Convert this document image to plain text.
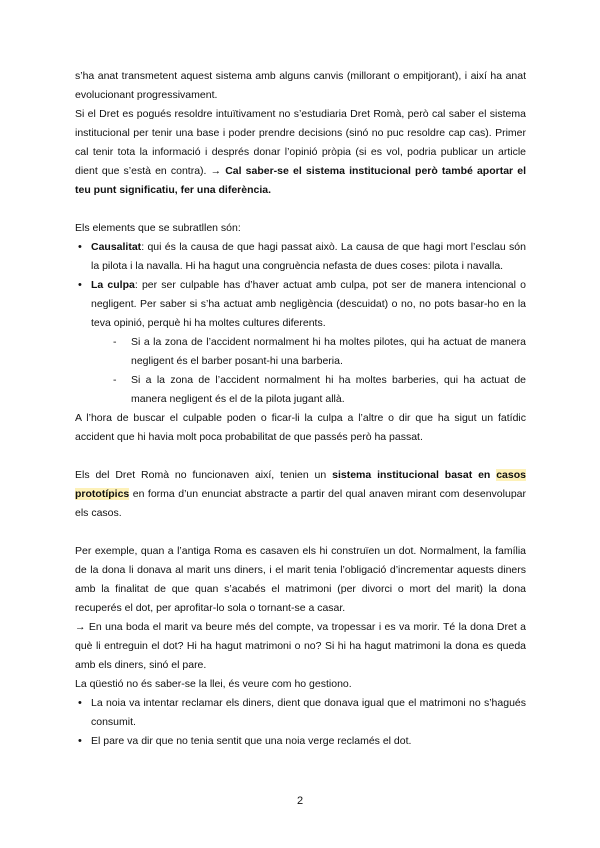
s’ha anat transmetent aquest sistema amb alguns canvis (millorant o empitjorant), i així ha anat evolucionant progressivament.

Si el Dret es pogués resoldre intuïtivament no s’estudiaria Dret Romà, però cal saber el sistema institucional per tenir una base i poder prendre decisions (sinó no puc resoldre cap cas). Primer cal tenir tota la informació i després donar l’opinió pròpia (si es vol, podria publicar un article dient que s’està en contra). → Cal saber-se el sistema institucional però també aportar el teu punt significatiu, fer una diferència.

Els elements que se subratllen són:

• Causalitat: qui és la causa de que hagi passat això. La causa de que hagi mort l’esclau són la pilota i la navalla. Hi ha hagut una congruència nefasta de dues coses: pilota i navalla.
• La culpa: per ser culpable has d’haver actuat amb culpa, pot ser de manera intencional o negligent. Per saber si s’ha actuat amb negligència (descuidat) o no, no pots basar-ho en la teva opinió, perquè hi ha moltes cultures diferents.
- Si a la zona de l’accident normalment hi ha moltes pilotes, qui ha actuat de manera negligent és el barber posant-hi una barberia.
- Si a la zona de l’accident normalment hi ha moltes barberies, qui ha actuat de manera negligent és el de la pilota jugant allà.

A l’hora de buscar el culpable poden o ficar-li la culpa a l’altre o dir que ha sigut un fatídic accident que hi havia molt poca probabilitat de que passés però ha passat.

Els del Dret Romà no funcionaven així, tenien un sistema institucional basat en casos prototípics en forma d’un enunciat abstracte a partir del qual anaven mirant com desenvolupar els casos.

Per exemple, quan a l’antiga Roma es casaven els hi construïen un dot. Normalment, la família de la dona li donava al marit uns diners, i el marit tenia l’obligació d’incrementar aquests diners amb la finalitat de que quan s’acabés el matrimoni (per divorci o mort del marit) la dona recuperés el dot, per aprofitar-lo sola o tornant-se a casar.

→ En una boda el marit va beure més del compte, va tropessar i es va morir. Té la dona Dret a què li entreguin el dot? Hi ha hagut matrimoni o no? Si hi ha hagut matrimoni la dona es queda amb els diners, sinó el pare.

La qüestió no és saber-se la llei, és veure com ho gestiono.

• La noia va intentar reclamar els diners, dient que donava igual que el matrimoni no s’hagués consumit.
• El pare va dir que no tenia sentit que una noia verge reclamés el dot.
2
